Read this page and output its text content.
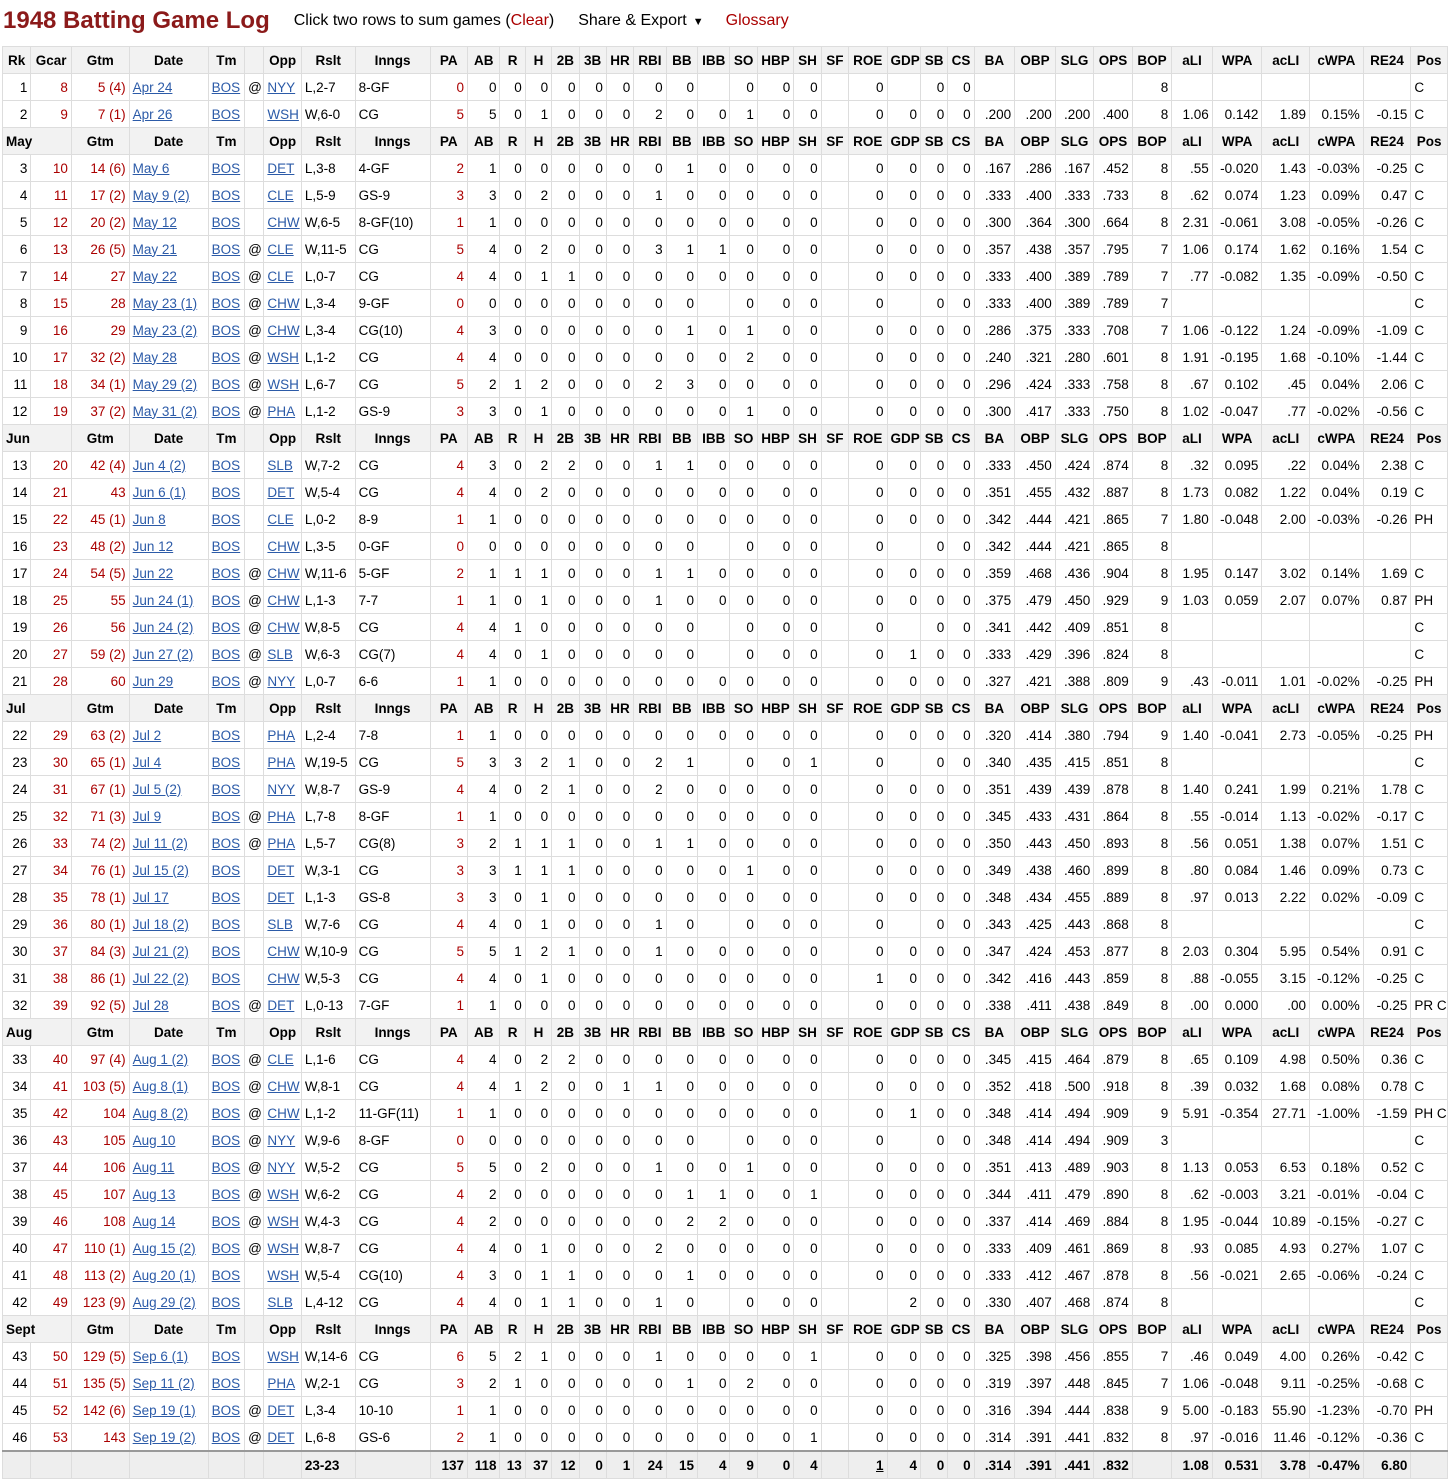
1948 Batting Game Log Click two rows to sum games (Clear) Share & Export ▼ Glossary
Rk	Gcar	Gtm	Date	Tm		Opp	Rslt	Inngs	PA	AB	R	H	2B	3B	HR	RBI	BB	IBB	SO	HBP	SH	SF	ROE	GDP	SB	CS	BA	OBP	SLG	OPS	BOP	aLI	WPA	acLI	cWPA	RE24	Pos
1	8	5 (4)	Apr 24	BOS	@	NYY	L,2-7	8-GF	0	0	0	0	0	0	0	0	0		0	0	0		0		0	0					8						C
2	9	7 (1)	Apr 26	BOS		WSH	W,6-0	CG	5	5	0	1	0	0	0	2	0	0	1	0	0		0	0	0	0	.200	.200	.200	.400	8	1.06	0.142	1.89	0.15%	-0.15	C
May		Gtm	Date	Tm		Opp	Rslt	Inngs	PA	AB	R	H	2B	3B	HR	RBI	BB	IBB	SO	HBP	SH	SF	ROE	GDP	SB	CS	BA	OBP	SLG	OPS	BOP	aLI	WPA	acLI	cWPA	RE24	Pos
3	10	14 (6)	May 6	BOS		DET	L,3-8	4-GF	2	1	0	0	0	0	0	0	1	0	0	0	0		0	0	0	0	.167	.286	.167	.452	8	.55	-0.020	1.43	-0.03%	-0.25	C
4	11	17 (2)	May 9 (2)	BOS		CLE	L,5-9	GS-9	3	3	0	2	0	0	0	1	0	0	0	0	0		0	0	0	0	.333	.400	.333	.733	8	.62	0.074	1.23	0.09%	0.47	C
5	12	20 (2)	May 12	BOS		CHW	W,6-5	8-GF(10)	1	1	0	0	0	0	0	0	0	0	0	0	0		0	0	0	0	.300	.364	.300	.664	8	2.31	-0.061	3.08	-0.05%	-0.26	C
6	13	26 (5)	May 21	BOS	@	CLE	W,11-5	CG	5	4	0	2	0	0	0	3	1	1	0	0	0		0	0	0	0	.357	.438	.357	.795	7	1.06	0.174	1.62	0.16%	1.54	C
7	14	27	May 22	BOS	@	CLE	L,0-7	CG	4	4	0	1	1	0	0	0	0	0	0	0	0		0	0	0	0	.333	.400	.389	.789	7	.77	-0.082	1.35	-0.09%	-0.50	C
8	15	28	May 23 (1)	BOS	@	CHW	L,3-4	9-GF	0	0	0	0	0	0	0	0	0		0	0	0		0		0	0	.333	.400	.389	.789	7						C
9	16	29	May 23 (2)	BOS	@	CHW	L,3-4	CG(10)	4	3	0	0	0	0	0	0	1	0	1	0	0		0	0	0	0	.286	.375	.333	.708	7	1.06	-0.122	1.24	-0.09%	-1.09	C
10	17	32 (2)	May 28	BOS	@	WSH	L,1-2	CG	4	4	0	0	0	0	0	0	0	0	2	0	0		0	0	0	0	.240	.321	.280	.601	8	1.91	-0.195	1.68	-0.10%	-1.44	C
11	18	34 (1)	May 29 (2)	BOS	@	WSH	L,6-7	CG	5	2	1	2	0	0	0	2	3	0	0	0	0		0	0	0	0	.296	.424	.333	.758	8	.67	0.102	.45	0.04%	2.06	C
12	19	37 (2)	May 31 (2)	BOS	@	PHA	L,1-2	GS-9	3	3	0	1	0	0	0	0	0	0	1	0	0		0	0	0	0	.300	.417	.333	.750	8	1.02	-0.047	.77	-0.02%	-0.56	C
Jun		Gtm	Date	Tm		Opp	Rslt	Inngs	PA	AB	R	H	2B	3B	HR	RBI	BB	IBB	SO	HBP	SH	SF	ROE	GDP	SB	CS	BA	OBP	SLG	OPS	BOP	aLI	WPA	acLI	cWPA	RE24	Pos
13	20	42 (4)	Jun 4 (2)	BOS		SLB	W,7-2	CG	4	3	0	2	2	0	0	1	1	0	0	0	0		0	0	0	0	.333	.450	.424	.874	8	.32	0.095	.22	0.04%	2.38	C
14	21	43	Jun 6 (1)	BOS		DET	W,5-4	CG	4	4	0	2	0	0	0	0	0	0	0	0	0		0	0	0	0	.351	.455	.432	.887	8	1.73	0.082	1.22	0.04%	0.19	C
15	22	45 (1)	Jun 8	BOS		CLE	L,0-2	8-9	1	1	0	0	0	0	0	0	0	0	0	0	0		0	0	0	0	.342	.444	.421	.865	7	1.80	-0.048	2.00	-0.03%	-0.26	PH
16	23	48 (2)	Jun 12	BOS		CHW	L,3-5	0-GF	0	0	0	0	0	0	0	0	0		0	0	0		0		0	0	.342	.444	.421	.865	8						
17	24	54 (5)	Jun 22	BOS	@	CHW	W,11-6	5-GF	2	1	1	1	0	0	0	1	1	0	0	0	0		0	0	0	0	.359	.468	.436	.904	8	1.95	0.147	3.02	0.14%	1.69	C
18	25	55	Jun 24 (1)	BOS	@	CHW	L,1-3	7-7	1	1	0	1	0	0	0	1	0	0	0	0	0		0	0	0	0	.375	.479	.450	.929	9	1.03	0.059	2.07	0.07%	0.87	PH
19	26	56	Jun 24 (2)	BOS	@	CHW	W,8-5	CG	4	4	1	0	0	0	0	0	0		0	0	0		0		0	0	.341	.442	.409	.851	8						C
20	27	59 (2)	Jun 27 (2)	BOS	@	SLB	W,6-3	CG(7)	4	4	0	1	0	0	0	0	0		0	0	0		0	1	0	0	.333	.429	.396	.824	8						C
21	28	60	Jun 29	BOS	@	NYY	L,0-7	6-6	1	1	0	0	0	0	0	0	0	0	0	0	0		0	0	0	0	.327	.421	.388	.809	9	.43	-0.011	1.01	-0.02%	-0.25	PH
Jul		Gtm	Date	Tm		Opp	Rslt	Inngs	PA	AB	R	H	2B	3B	HR	RBI	BB	IBB	SO	HBP	SH	SF	ROE	GDP	SB	CS	BA	OBP	SLG	OPS	BOP	aLI	WPA	acLI	cWPA	RE24	Pos
22	29	63 (2)	Jul 2	BOS		PHA	L,2-4	7-8	1	1	0	0	0	0	0	0	0	0	0	0	0		0	0	0	0	.320	.414	.380	.794	9	1.40	-0.041	2.73	-0.05%	-0.25	PH
23	30	65 (1)	Jul 4	BOS		PHA	W,19-5	CG	5	3	3	2	1	0	0	2	1		0	0	1		0		0	0	.340	.435	.415	.851	8						C
24	31	67 (1)	Jul 5 (2)	BOS		NYY	W,8-7	GS-9	4	4	0	2	1	0	0	2	0	0	0	0	0		0	0	0	0	.351	.439	.439	.878	8	1.40	0.241	1.99	0.21%	1.78	C
25	32	71 (3)	Jul 9	BOS	@	PHA	L,7-8	8-GF	1	1	0	0	0	0	0	0	0	0	0	0	0		0	0	0	0	.345	.433	.431	.864	8	.55	-0.014	1.13	-0.02%	-0.17	C
26	33	74 (2)	Jul 11 (2)	BOS	@	PHA	L,5-7	CG(8)	3	2	1	1	1	0	0	1	1	0	0	0	0		0	0	0	0	.350	.443	.450	.893	8	.56	0.051	1.38	0.07%	1.51	C
27	34	76 (1)	Jul 15 (2)	BOS		DET	W,3-1	CG	3	3	1	1	1	0	0	0	0	0	1	0	0		0	0	0	0	.349	.438	.460	.899	8	.80	0.084	1.46	0.09%	0.73	C
28	35	78 (1)	Jul 17	BOS		DET	L,1-3	GS-8	3	3	0	1	0	0	0	0	0	0	0	0	0		0	0	0	0	.348	.434	.455	.889	8	.97	0.013	2.22	0.02%	-0.09	C
29	36	80 (1)	Jul 18 (2)	BOS		SLB	W,7-6	CG	4	4	0	1	0	0	0	1	0		0	0	0		0		0	0	.343	.425	.443	.868	8						C
30	37	84 (3)	Jul 21 (2)	BOS		CHW	W,10-9	CG	5	5	1	2	1	0	0	1	0	0	0	0	0		0	0	0	0	.347	.424	.453	.877	8	2.03	0.304	5.95	0.54%	0.91	C
31	38	86 (1)	Jul 22 (2)	BOS		CHW	W,5-3	CG	4	4	0	1	0	0	0	0	0	0	0	0	0		1	0	0	0	.342	.416	.443	.859	8	.88	-0.055	3.15	-0.12%	-0.25	C
32	39	92 (5)	Jul 28	BOS	@	DET	L,0-13	7-GF	1	1	0	0	0	0	0	0	0	0	0	0	0		0	0	0	0	.338	.411	.438	.849	8	.00	0.000	.00	0.00%	-0.25	PR C
Aug		Gtm	Date	Tm		Opp	Rslt	Inngs	PA	AB	R	H	2B	3B	HR	RBI	BB	IBB	SO	HBP	SH	SF	ROE	GDP	SB	CS	BA	OBP	SLG	OPS	BOP	aLI	WPA	acLI	cWPA	RE24	Pos
33	40	97 (4)	Aug 1 (2)	BOS	@	CLE	L,1-6	CG	4	4	0	2	2	0	0	0	0	0	0	0	0		0	0	0	0	.345	.415	.464	.879	8	.65	0.109	4.98	0.50%	0.36	C
34	41	103 (5)	Aug 8 (1)	BOS	@	CHW	W,8-1	CG	4	4	1	2	0	0	1	1	0	0	0	0	0		0	0	0	0	.352	.418	.500	.918	8	.39	0.032	1.68	0.08%	0.78	C
35	42	104	Aug 8 (2)	BOS	@	CHW	L,1-2	11-GF(11)	1	1	0	0	0	0	0	0	0	0	0	0	0		0	1	0	0	.348	.414	.494	.909	9	5.91	-0.354	27.71	-1.00%	-1.59	PH C
36	43	105	Aug 10	BOS	@	NYY	W,9-6	8-GF	0	0	0	0	0	0	0	0	0		0	0	0		0		0	0	.348	.414	.494	.909	3						C
37	44	106	Aug 11	BOS	@	NYY	W,5-2	CG	5	5	0	2	0	0	0	1	0	0	1	0	0		0	0	0	0	.351	.413	.489	.903	8	1.13	0.053	6.53	0.18%	0.52	C
38	45	107	Aug 13	BOS	@	WSH	W,6-2	CG	4	2	0	0	0	0	0	0	1	1	0	0	1		0	0	0	0	.344	.411	.479	.890	8	.62	-0.003	3.21	-0.01%	-0.04	C
39	46	108	Aug 14	BOS	@	WSH	W,4-3	CG	4	2	0	0	0	0	0	0	2	2	0	0	0		0	0	0	0	.337	.414	.469	.884	8	1.95	-0.044	10.89	-0.15%	-0.27	C
40	47	110 (1)	Aug 15 (2)	BOS	@	WSH	W,8-7	CG	4	4	0	1	0	0	0	2	0	0	0	0	0		0	0	0	0	.333	.409	.461	.869	8	.93	0.085	4.93	0.27%	1.07	C
41	48	113 (2)	Aug 20 (1)	BOS		WSH	W,5-4	CG(10)	4	3	0	1	1	0	0	0	1	0	0	0	0		0	0	0	0	.333	.412	.467	.878	8	.56	-0.021	2.65	-0.06%	-0.24	C
42	49	123 (9)	Aug 29 (2)	BOS		SLB	L,4-12	CG	4	4	0	1	1	0	0	1	0		0	0	0			2	0	0	.330	.407	.468	.874	8						C
Sept		Gtm	Date	Tm		Opp	Rslt	Inngs	PA	AB	R	H	2B	3B	HR	RBI	BB	IBB	SO	HBP	SH	SF	ROE	GDP	SB	CS	BA	OBP	SLG	OPS	BOP	aLI	WPA	acLI	cWPA	RE24	Pos
43	50	129 (5)	Sep 6 (1)	BOS		WSH	W,14-6	CG	6	5	2	1	0	0	0	1	0	0	0	0	1		0	0	0	0	.325	.398	.456	.855	7	.46	0.049	4.00	0.26%	-0.42	C
44	51	135 (5)	Sep 11 (2)	BOS		PHA	W,2-1	CG	3	2	1	0	0	0	0	0	1	0	2	0	0		0	0	0	0	.319	.397	.448	.845	7	1.06	-0.048	9.11	-0.25%	-0.68	C
45	52	142 (6)	Sep 19 (1)	BOS	@	DET	L,3-4	10-10	1	1	0	0	0	0	0	0	0	0	0	0	0		0	0	0	0	.316	.394	.444	.838	9	5.00	-0.183	55.90	-1.23%	-0.70	PH
46	53	143	Sep 19 (2)	BOS	@	DET	L,6-8	GS-6	2	1	0	0	0	0	0	0	0	0	0	0	1		0	0	0	0	.314	.391	.441	.832	8	.97	-0.016	11.46	-0.12%	-0.36	C
							23-23		137	118	13	37	12	0	1	24	15	4	9	0	4		1	4	0	0	.314	.391	.441	.832		1.08	0.531	3.78	-0.47%	6.80	
